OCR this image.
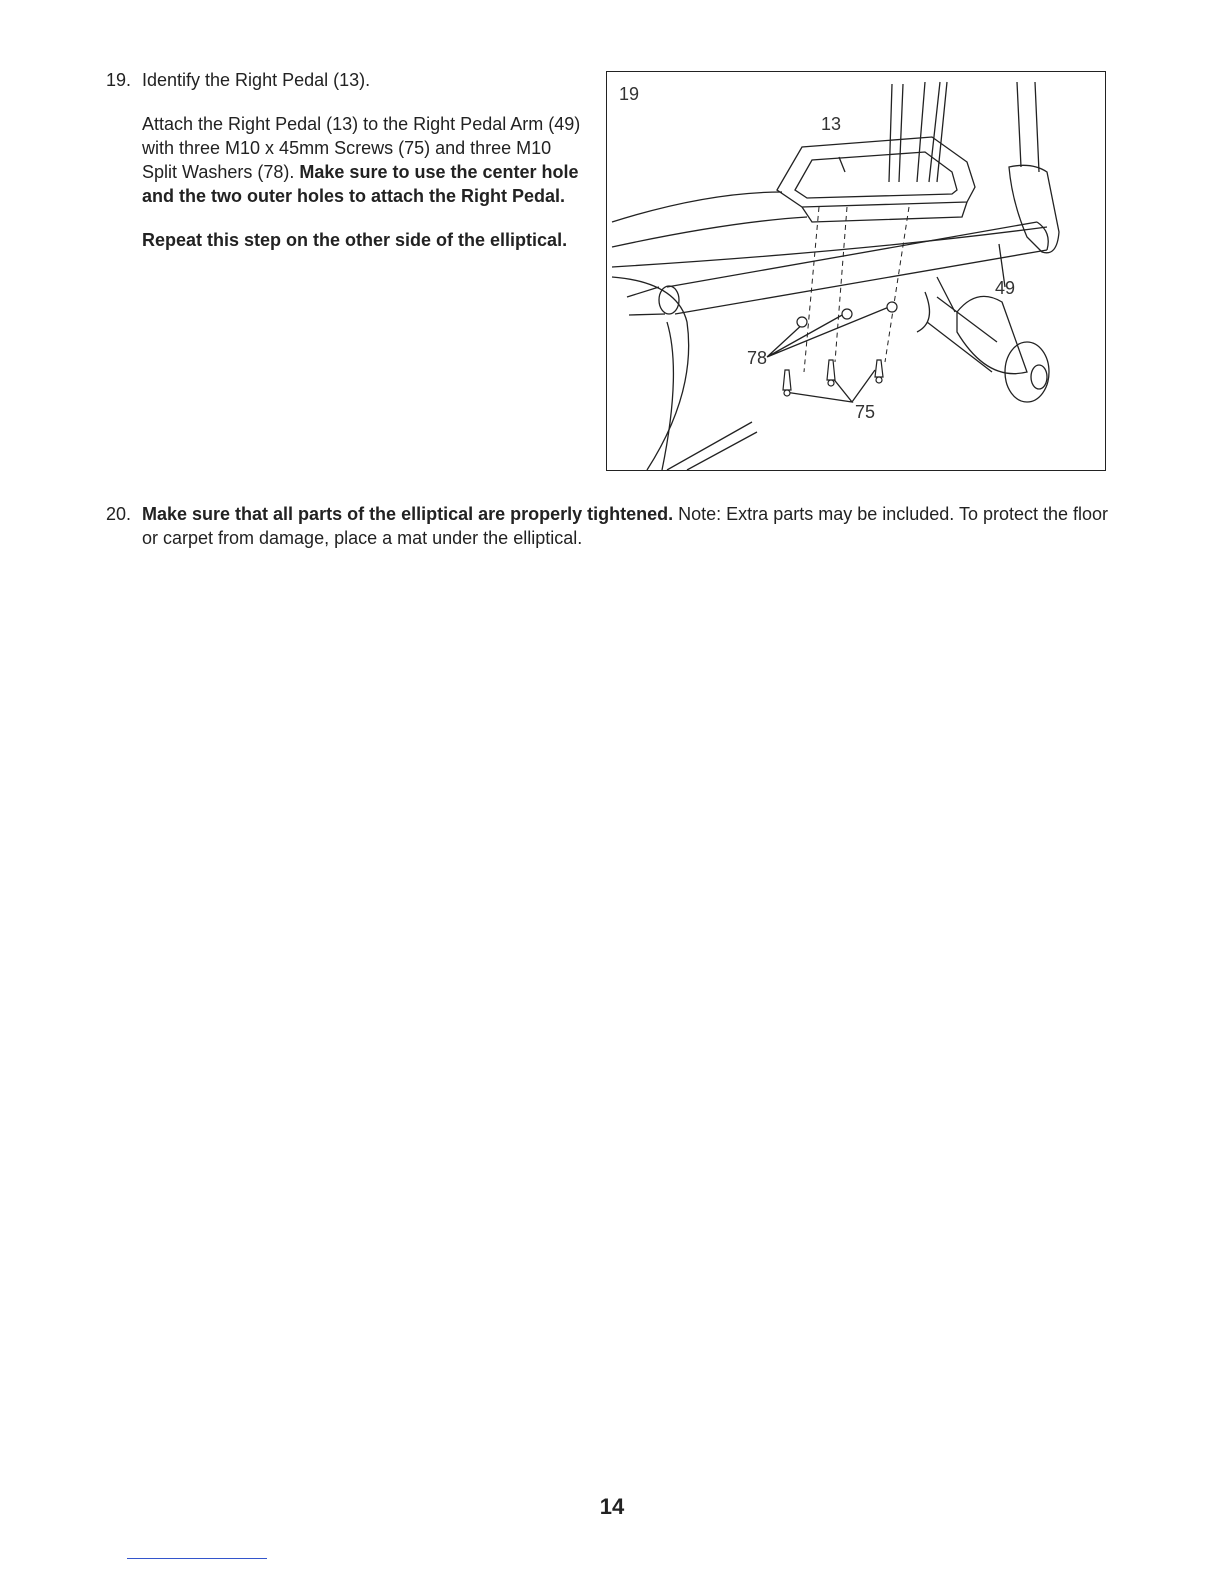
19. Identify the Right Pedal (13).

Attach the Right Pedal (13) to the Right Pedal Arm (49) with three M10 x 45mm Screws (75) and three M10 Split Washers (78). Make sure to use the center hole and the two outer holes to attach the Right Pedal.

Repeat this step on the other side of the elliptical.

19
13
49
78
75
20. Make sure that all parts of the elliptical are properly tightened. Note: Extra parts may be included. To protect the floor or carpet from damage, place a mat under the elliptical.
14
